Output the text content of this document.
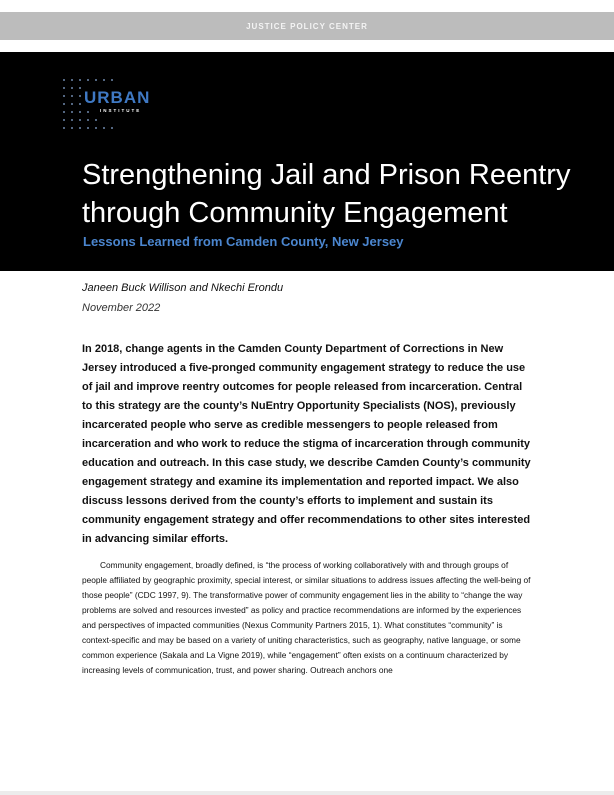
JUSTICE POLICY CENTER
URBAN
INSTITUTE
Strengthening Jail and Prison Reentry
through Community Engagement
Lessons Learned from Camden County, New Jersey
Janeen Buck Willison and Nkechi Erondu
November 2022
In 2018, change agents in the Camden County Department of Corrections in New Jersey introduced a five-pronged community engagement strategy to reduce the use of jail and improve reentry outcomes for people released from incarceration. Central to this strategy are the county’s NuEntry Opportunity Specialists (NOS), previously incarcerated people who serve as credible messengers to people released from incarceration and who work to reduce the stigma of incarceration through community education and outreach. In this case study, we describe Camden County’s community engagement strategy and examine its implementation and reported impact. We also discuss lessons derived from the county’s efforts to implement and sustain its community engagement strategy and offer recommendations to other sites interested in advancing similar efforts.
Community engagement, broadly defined, is “the process of working collaboratively with and through groups of people affiliated by geographic proximity, special interest, or similar situations to address issues affecting the well-being of those people” (CDC 1997, 9). The transformative power of community engagement lies in the ability to “change the way problems are solved and resources invested” as policy and practice recommendations are informed by the experiences and perspectives of impacted communities (Nexus Community Partners 2015, 1). What constitutes “community” is context-specific and may be based on a variety of uniting characteristics, such as geography, native language, or some common experience (Sakala and La Vigne 2019), while “engagement” often exists on a continuum characterized by increasing levels of communication, trust, and power sharing. Outreach anchors one
